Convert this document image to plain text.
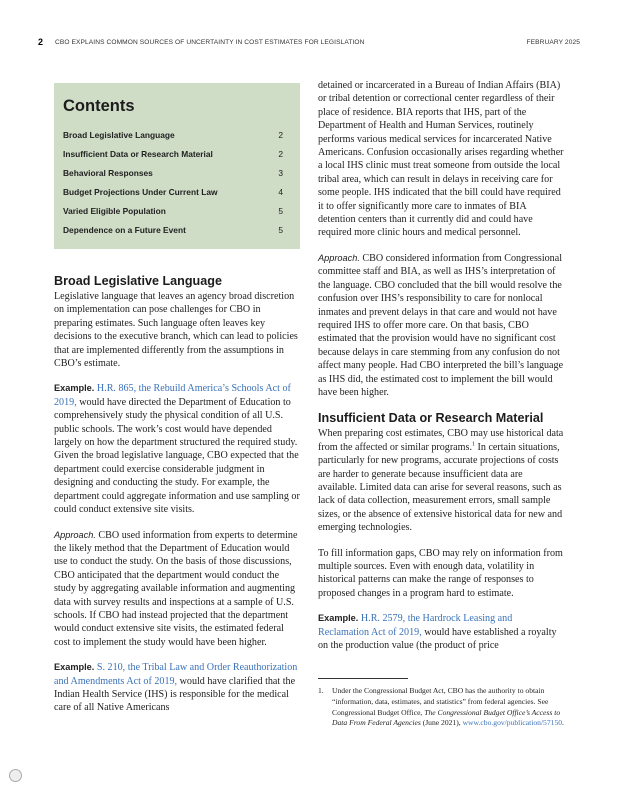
2 CBO EXPLAINS COMMON SOURCES OF UNCERTAINTY IN COST ESTIMATES FOR LEGISLATION	FEBRUARY 2025
Contents
Broad Legislative Language	2
Insufficient Data or Research Material	2
Behavioral Responses	3
Budget Projections Under Current Law	4
Varied Eligible Population	5
Dependence on a Future Event	5
Broad Legislative Language

Legislative language that leaves an agency broad discretion on implementation can pose challenges for CBO in preparing estimates. Such language often leaves key decisions to the executive branch, which can lead to policies that are implemented differently from the assumptions in CBO’s estimate.

Example. H.R. 865, the Rebuild America’s Schools Act of 2019, would have directed the Department of Education to comprehensively study the physical condition of all U.S. public schools. The work’s cost would have depended largely on how the department structured the required study. Given the broad legislative language, CBO expected that the department could exercise considerable judgment in designing and conducting the study. For example, the department could aggregate information and use sampling or could conduct extensive site visits.

Approach. CBO used information from experts to determine the likely method that the Department of Education would use to conduct the study. On the basis of those discussions, CBO anticipated that the department would conduct the study by aggregating available information and augmenting data with survey results and inspections at a sample of U.S. schools. If CBO had instead projected that the department would conduct extensive site visits, the estimated federal cost to implement the study would have been higher.

Example. S. 210, the Tribal Law and Order Reauthorization and Amendments Act of 2019, would have clarified that the Indian Health Service (IHS) is responsible for the medical care of all Native Americans

detained or incarcerated in a Bureau of Indian Affairs (BIA) or tribal detention or correctional center regardless of their place of residence. BIA reports that IHS, part of the Department of Health and Human Services, routinely performs various medical services for incarcerated Native Americans. Confusion occasionally arises regarding whether a local IHS clinic must treat someone from outside the local tribal area, which can result in delays in receiving care for some people. IHS indicated that the bill could have required it to offer significantly more care to inmates of BIA detention centers than it currently did and could have required more clinic hours and medical personnel.

Approach. CBO considered information from Congressional committee staff and BIA, as well as IHS’s interpretation of the language. CBO concluded that the bill would resolve the confusion over IHS’s responsibility to care for nonlocal inmates and prevent delays in that care and would not have required IHS to offer more care. On that basis, CBO estimated that the provision would have no significant cost because delays in care stemming from any confusion do not affect many people. Had CBO interpreted the bill’s language as IHS did, the estimated cost to implement the bill would have been higher.

Insufficient Data or Research Material

When preparing cost estimates, CBO may use historical data from the affected or similar programs.$^1$ In certain situations, particularly for new programs, accurate projections of costs are harder to generate because insufficient data are available. Limited data can arise for several reasons, such as lack of data collection, measurement errors, small sample sizes, or the absence of extensive historical data for new and emerging technologies.

To fill information gaps, CBO may rely on information from multiple sources. Even with enough data, volatility in historical patterns can make the range of responses to proposed changes in a program hard to estimate.

Example. H.R. 2579, the Hardrock Leasing and Reclamation Act of 2019, would have established a royalty on the production value (the product of price

1. Under the Congressional Budget Act, CBO has the authority to obtain “information, data, estimates, and statistics” from federal agencies. See Congressional Budget Office, The Congressional Budget Office’s Access to Data From Federal Agencies (June 2021), www.cbo.gov/publication/57150.
